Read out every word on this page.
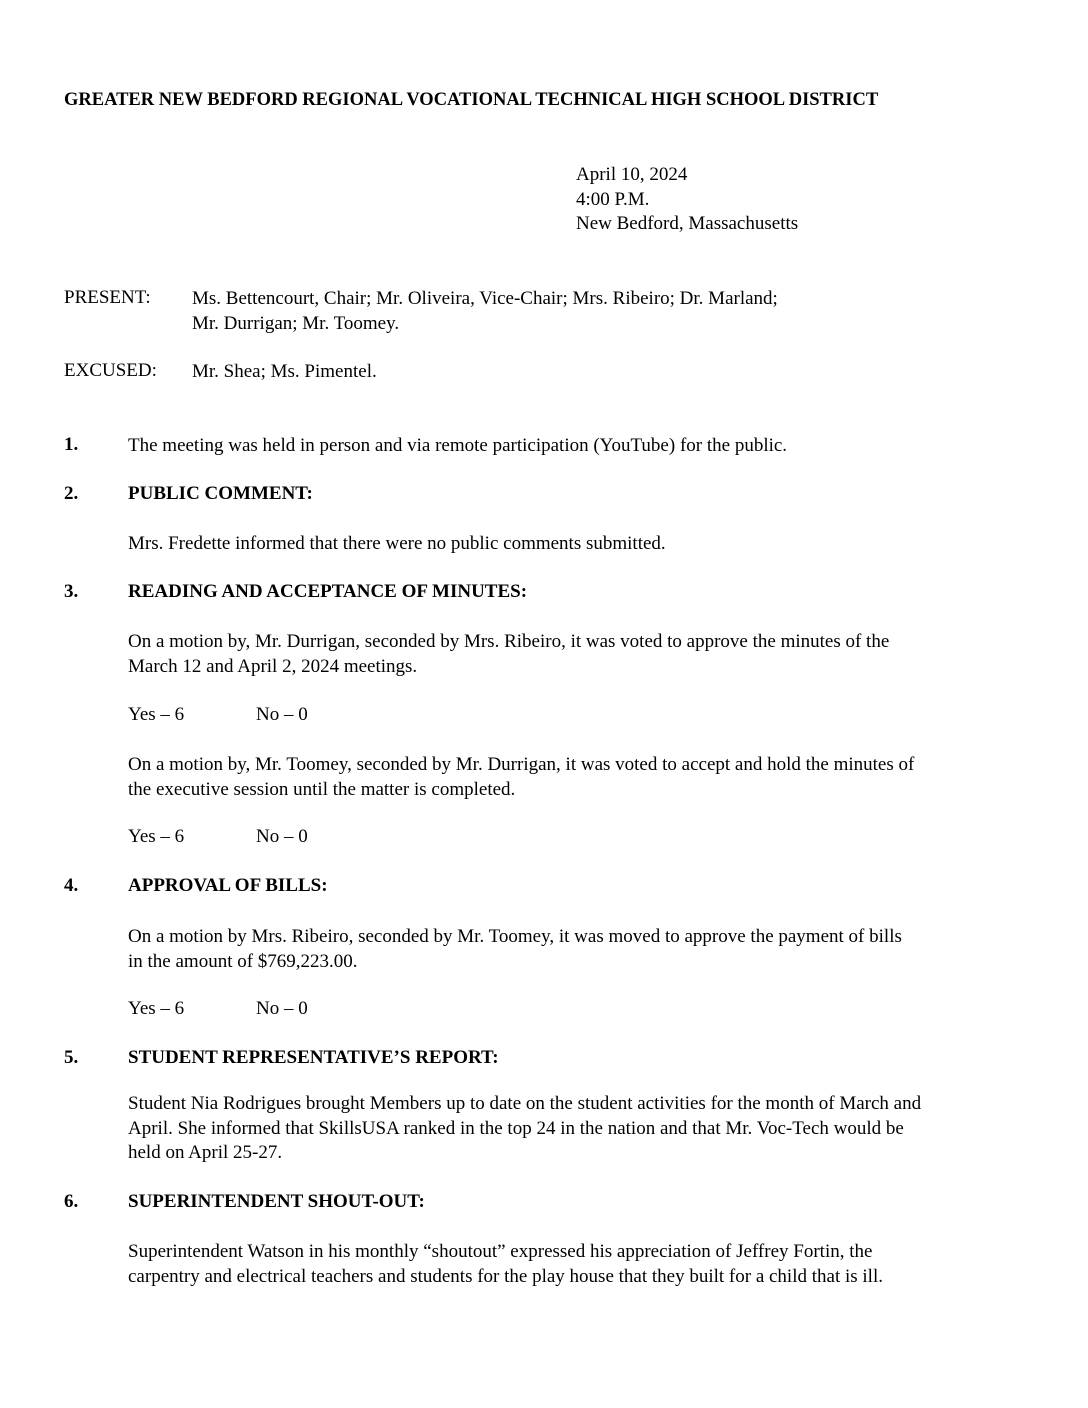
GREATER NEW BEDFORD REGIONAL VOCATIONAL TECHNICAL HIGH SCHOOL DISTRICT
April 10, 2024
4:00 P.M.
New Bedford, Massachusetts
PRESENT: Ms. Bettencourt, Chair; Mr. Oliveira, Vice-Chair; Mrs. Ribeiro; Dr. Marland;
Mr. Durrigan; Mr. Toomey.
EXCUSED: Mr. Shea; Ms. Pimentel.
1.	The meeting was held in person and via remote participation (YouTube) for the public.
2.	PUBLIC COMMENT:
Mrs. Fredette informed that there were no public comments submitted.
3.	READING AND ACCEPTANCE OF MINUTES:
On a motion by, Mr. Durrigan, seconded by Mrs. Ribeiro, it was voted to approve the minutes of the
March 12 and April 2, 2024 meetings.
Yes – 6	No – 0
On a motion by, Mr. Toomey, seconded by Mr. Durrigan, it was voted to accept and hold the minutes of
the executive session until the matter is completed.
Yes – 6	No – 0
4.	APPROVAL OF BILLS:
On a motion by Mrs. Ribeiro, seconded by Mr. Toomey, it was moved to approve the payment of bills
in the amount of $769,223.00.
Yes – 6	No – 0
5.	STUDENT REPRESENTATIVE’S REPORT:
Student Nia Rodrigues brought Members up to date on the student activities for the month of March and
April. She informed that SkillsUSA ranked in the top 24 in the nation and that Mr. Voc-Tech would be
held on April 25-27.
6.	SUPERINTENDENT SHOUT-OUT:
Superintendent Watson in his monthly “shoutout” expressed his appreciation of Jeffrey Fortin, the
carpentry and electrical teachers and students for the play house that they built for a child that is ill.
